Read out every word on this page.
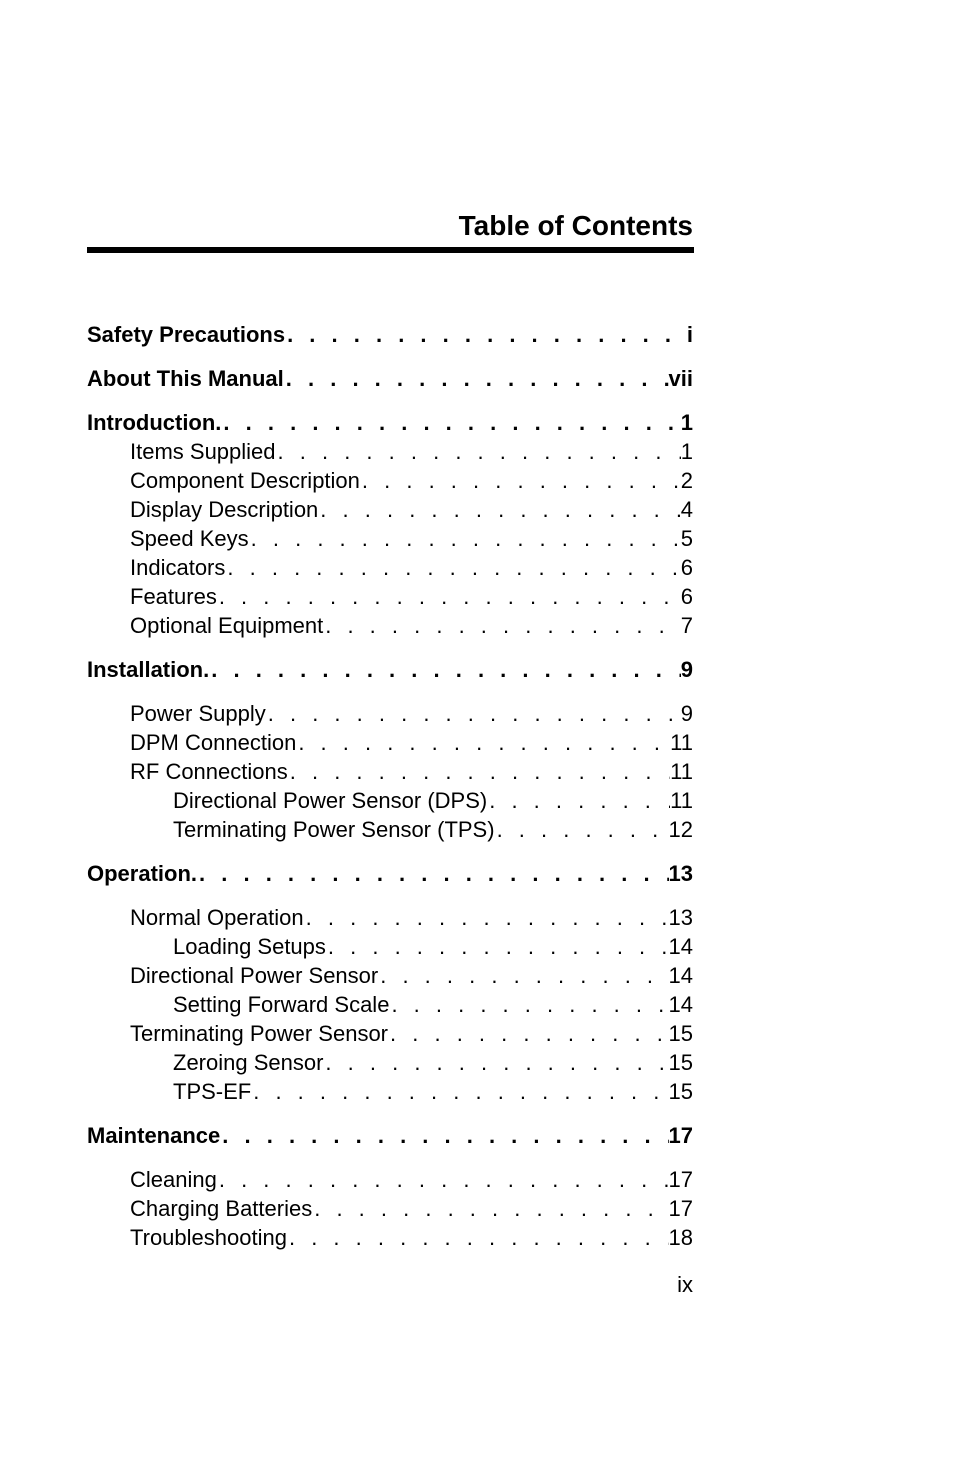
Table of Contents
Safety Precautions . . .	i
About This Manual . . .	vii
Introduction. . . .	1
Items Supplied . . .	1
Component Description . . .	2
Display Description . . .	4
Speed Keys . . .	5
Indicators . . .	6
Features . . .	6
Optional Equipment . . .	7
Installation. . . .	9
Power Supply . . .	9
DPM Connection . . .	11
RF Connections . . .	11
Directional Power Sensor (DPS) . . .	11
Terminating Power Sensor (TPS) . . .	12
Operation. . . .	13
Normal Operation . . .	13
Loading Setups . . .	14
Directional Power Sensor . . .	14
Setting Forward Scale . . .	14
Terminating Power Sensor . . .	15
Zeroing Sensor . . .	15
TPS-EF . . .	15
Maintenance . . .	17
Cleaning . . .	17
Charging Batteries . . .	17
Troubleshooting . . .	18
ix
